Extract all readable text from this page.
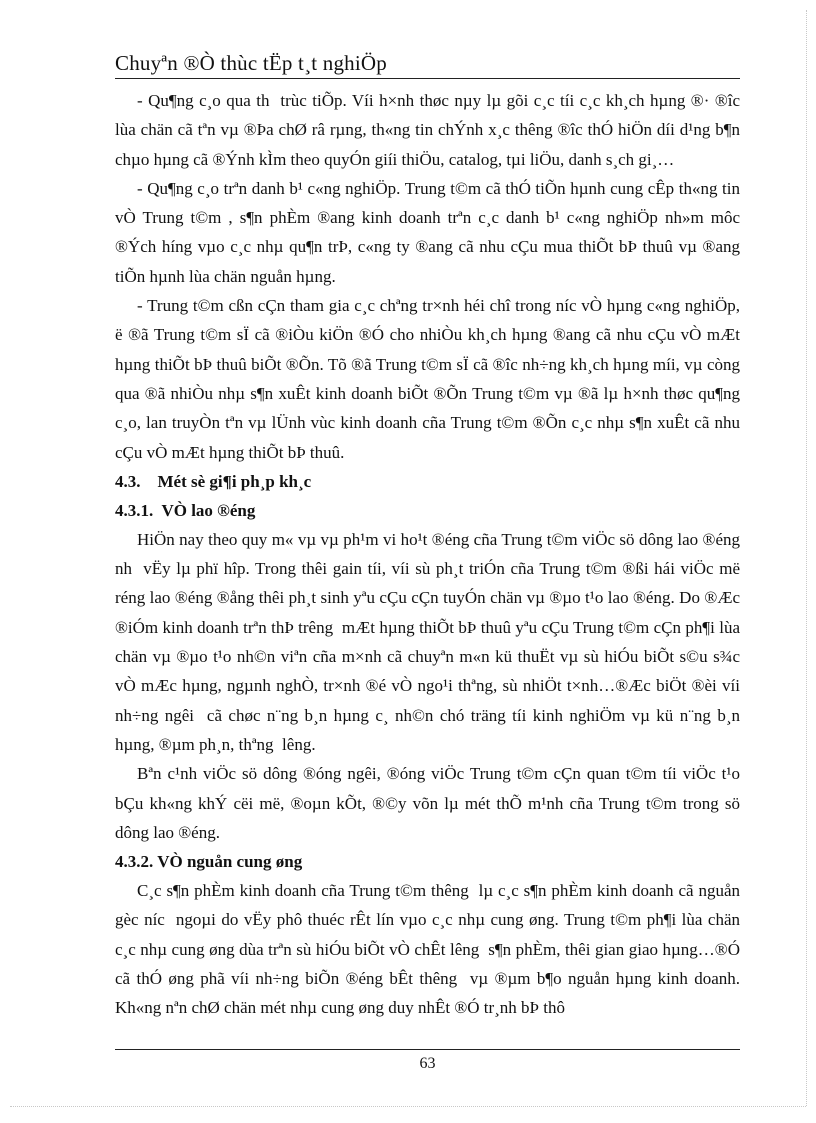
Chuyªn ®Ò thùc tËp t¸t nghiÖp

- Qu¶ng c¸o qua th  trùc tiÕp. Víi h×nh thøc nµy lµ gõi c¸c tíi c¸c kh¸ch hµng ®· ®îc lùa chän cã tªn vµ ®Þa chØ râ rµng, th«ng tin chÝnh x¸c thêng ®îc thÓ hiÖn díi d¹ng b¶n chµo hµng cã ®Ýnh kÌm theo quyÓn giíi thiÖu, catalog, tµi liÖu, danh s¸ch gi¸…

- Qu¶ng c¸o trªn danh b¹ c«ng nghiÖp. Trung t©m cã thÓ tiÕn hµnh cung cÊp th«ng tin vÒ Trung t©m , s¶n phÈm ®ang kinh doanh trªn c¸c danh b¹ c«ng nghiÖp nh»m môc ®Ých híng vµo c¸c nhµ qu¶n trÞ, c«ng ty ®ang cã nhu cÇu mua thiÕt bÞ thuû vµ ®ang tiÕn hµnh lùa chän nguån hµng.

- Trung t©m cßn cÇn tham gia c¸c chªng tr×nh héi chî trong níc vÒ hµng c«ng nghiÖp, ë ®ã Trung t©m sÏ cã ®iÒu kiÖn ®Ó cho nhiÒu kh¸ch hµng ®ang cã nhu cÇu vÒ mÆt hµng thiÕt bÞ thuû biÕt ®Õn. Tõ ®ã Trung t©m sÏ cã ®îc nh÷ng kh¸ch hµng míi, vµ còng qua ®ã nhiÒu nhµ s¶n xuÊt kinh doanh biÕt ®Õn Trung t©m vµ ®ã lµ h×nh thøc qu¶ng c¸o, lan truyÒn tªn vµ lÜnh vùc kinh doanh cña Trung t©m ®Õn c¸c nhµ s¶n xuÊt cã nhu cÇu vÒ mÆt hµng thiÕt bÞ thuû.

4.3.    Mét sè gi¶i ph¸p kh¸c

4.3.1.  VÒ lao ®éng

HiÖn nay theo quy m« vµ vµ ph¹m vi ho¹t ®éng cña Trung t©m viÖc sö dông lao ®éng nh  vËy lµ phï hîp. Trong thêi gain tíi, víi sù ph¸t triÓn cña Trung t©m ®ßi hái viÖc më réng lao ®éng ®ång thêi ph¸t sinh yªu cÇu cÇn tuyÓn chän vµ ®µo t¹o lao ®éng. Do ®Æc ®iÓm kinh doanh trªn thÞ trêng  mÆt hµng thiÕt bÞ thuû yªu cÇu Trung t©m cÇn ph¶i lùa chän vµ ®µo t¹o nh©n viªn cña m×nh cã chuyªn m«n kü thuËt vµ sù hiÓu biÕt s©u s¾c vÒ mÆc hµng, ngµnh nghÒ, tr×nh ®é vÒ ngo¹i thªng, sù nhiÖt t×nh…®Æc biÖt ®èi víi nh÷ng ngêi  cã chøc n¨ng b¸n hµng c¸ nh©n chó träng tíi kinh nghiÖm vµ kü n¨ng b¸n hµng, ®µm ph¸n, thªng  lêng.

Bªn c¹nh viÖc sö dông ®óng ngêi, ®óng viÖc Trung t©m cÇn quan t©m tíi viÖc t¹o bÇu kh«ng khÝ cëi më, ®oµn kÕt, ®©y võn lµ mét thÕ m¹nh cña Trung t©m trong sö dông lao ®éng.

4.3.2. VÒ nguån cung øng

C¸c s¶n phÈm kinh doanh cña Trung t©m thêng  lµ c¸c s¶n phÈm kinh doanh cã nguån gèc níc  ngoµi do vËy phô thuéc rÊt lín vµo c¸c nhµ cung øng. Trung t©m ph¶i lùa chän c¸c nhµ cung øng dùa trªn sù hiÓu biÕt vÒ chÊt lêng  s¶n phÈm, thêi gian giao hµng…®Ó cã thÓ øng phã víi nh÷ng biÕn ®éng bÊt thêng  vµ ®µm b¶o nguån hµng kinh doanh. Kh«ng nªn chØ chän mét nhµ cung øng duy nhÊt ®Ó tr¸nh bÞ thô

63
